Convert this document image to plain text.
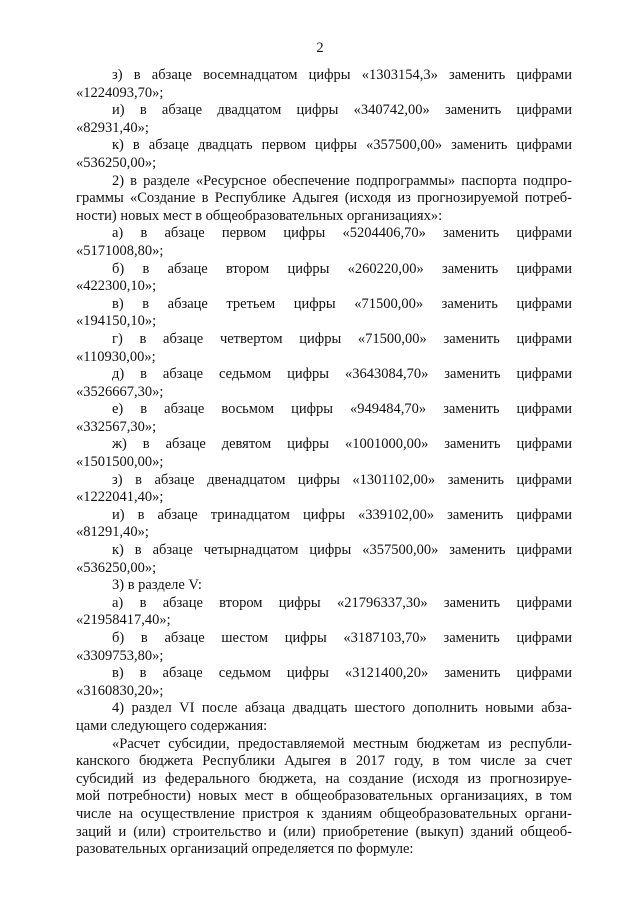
2
з) в абзаце восемнадцатом цифры «1303154,3» заменить цифрами
«1224093,70»;
и) в абзаце двадцатом цифры «340742,00» заменить цифрами
«82931,40»;
к) в абзаце двадцать первом цифры «357500,00» заменить цифрами
«536250,00»;
2) в разделе «Ресурсное обеспечение подпрограммы» паспорта подпро-
граммы «Создание в Республике Адыгея (исходя из прогнозируемой потреб-
ности) новых мест в общеобразовательных организациях»:
а) в абзаце первом цифры «5204406,70» заменить цифрами
«5171008,80»;
б) в абзаце втором цифры «260220,00» заменить цифрами
«422300,10»;
в) в абзаце третьем цифры «71500,00» заменить цифрами
«194150,10»;
г) в абзаце четвертом цифры «71500,00» заменить цифрами
«110930,00»;
д) в абзаце седьмом цифры «3643084,70» заменить цифрами
«3526667,30»;
е) в абзаце восьмом цифры «949484,70» заменить цифрами
«332567,30»;
ж) в абзаце девятом цифры «1001000,00» заменить цифрами
«1501500,00»;
з) в абзаце двенадцатом цифры «1301102,00» заменить цифрами
«1222041,40»;
и) в абзаце тринадцатом цифры «339102,00» заменить цифрами
«81291,40»;
к) в абзаце четырнадцатом цифры «357500,00» заменить цифрами
«536250,00»;
3) в разделе V:
а) в абзаце втором цифры «21796337,30» заменить цифрами
«21958417,40»;
б) в абзаце шестом цифры «3187103,70» заменить цифрами
«3309753,80»;
в) в абзаце седьмом цифры «3121400,20» заменить цифрами
«3160830,20»;
4) раздел VI после абзаца двадцать шестого дополнить новыми абза-
цами следующего содержания:
«Расчет субсидии, предоставляемой местным бюджетам из республи-
канского бюджета Республики Адыгея в 2017 году, в том числе за счет
субсидий из федерального бюджета, на создание (исходя из прогнозируе-
мой потребности) новых мест в общеобразовательных организациях, в том
числе на осуществление пристроя к зданиям общеобразовательных органи-
заций и (или) строительство и (или) приобретение (выкуп) зданий общеоб-
разовательных организаций определяется по формуле:
